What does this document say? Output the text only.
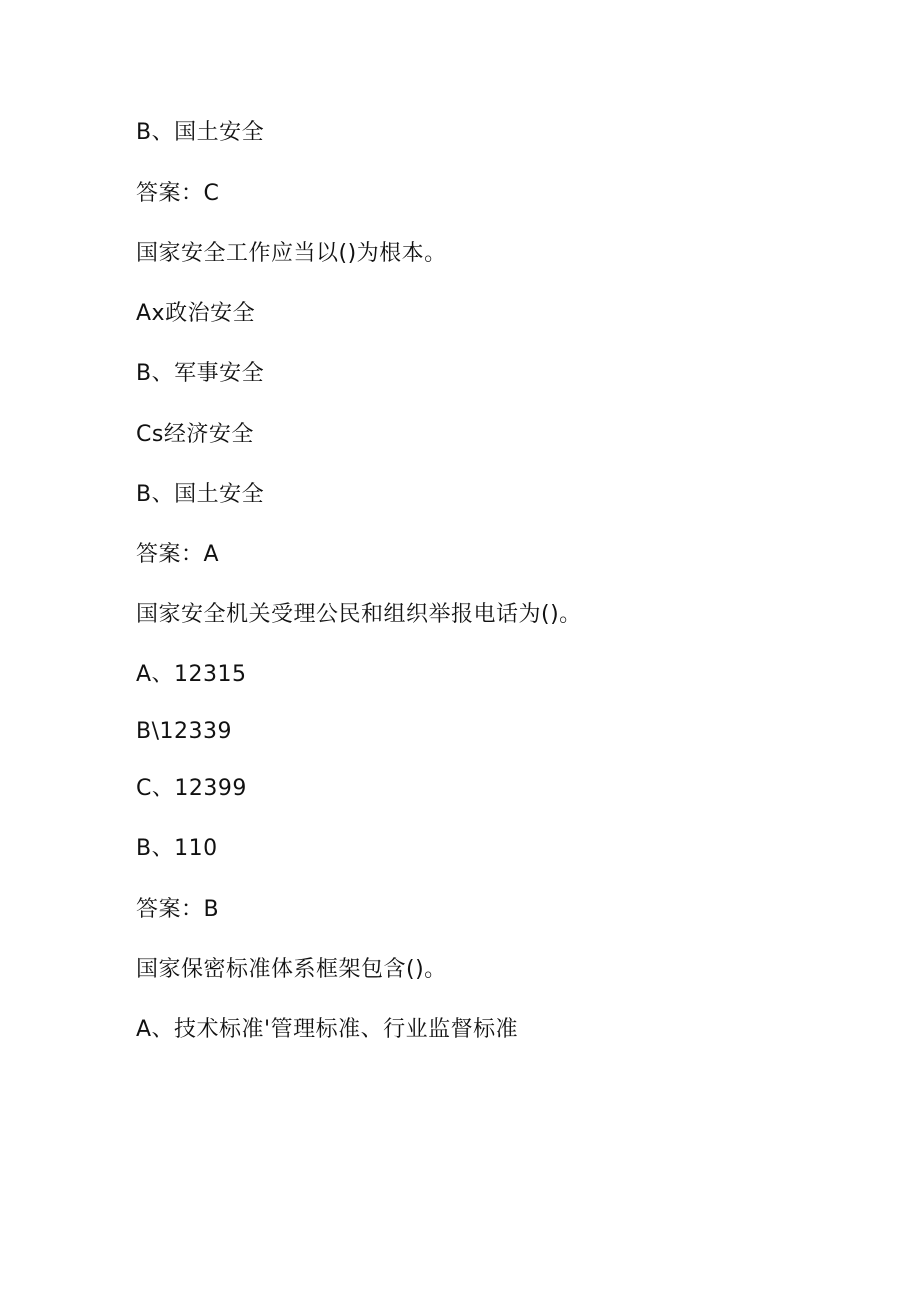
B、国土安全
答案：C
国家安全工作应当以()为根本。
Ax政治安全
B、军事安全
Cs经济安全
B、国土安全
答案：A
国家安全机关受理公民和组织举报电话为()。
A、12315
B\12339
C、12399
B、110
答案：B
国家保密标准体系框架包含()。
A、技术标准'管理标准、行业监督标准
